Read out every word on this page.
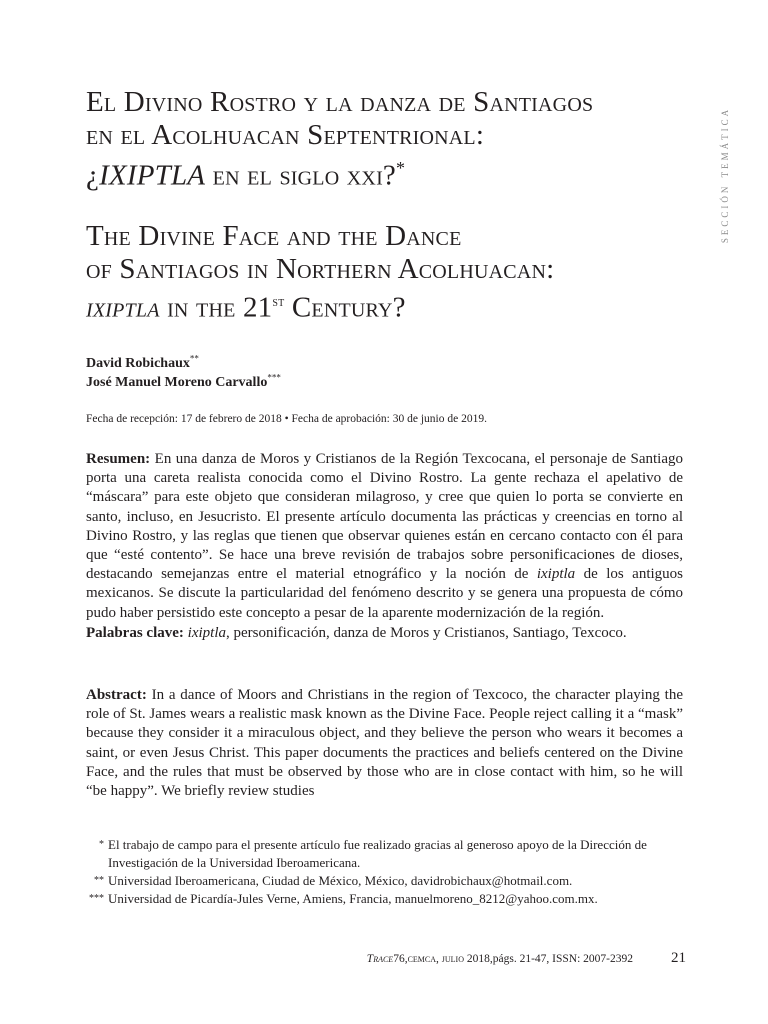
sección temática
El Divino Rostro y la danza de Santiagos
en el Acolhuacan Septentrional:
¿IXIPTLA en el siglo xxi?*
The Divine Face and the Dance
of Santiagos in Northern Acolhuacan:
ixiptla in the 21st Century?
David Robichaux**
José Manuel Moreno Carvallo***
Fecha de recepción: 17 de febrero de 2018 • Fecha de aprobación: 30 de junio de 2019.
Resumen: En una danza de Moros y Cristianos de la Región Texcocana, el personaje de Santiago porta una careta realista conocida como el Divino Rostro. La gente rechaza el apelativo de “máscara” para este objeto que consideran milagroso, y cree que quien lo porta se convierte en santo, incluso, en Jesucristo. El presente artículo documenta las prácticas y creencias en torno al Divino Rostro, y las reglas que tienen que observar quienes están en cercano contacto con él para que “esté contento”. Se hace una breve revisión de trabajos sobre personificaciones de dioses, destacando semejanzas entre el material etnográfico y la noción de ixiptla de los antiguos mexicanos. Se discute la particularidad del fenómeno descrito y se genera una propuesta de cómo pudo haber persistido este concepto a pesar de la aparente modernización de la región.
Palabras clave: ixiptla, personificación, danza de Moros y Cristianos, Santiago, Texcoco.
Abstract: In a dance of Moors and Christians in the region of Texcoco, the character playing the role of St. James wears a realistic mask known as the Divine Face. People reject calling it a “mask” because they consider it a miraculous object, and they believe the person who wears it becomes a saint, or even Jesus Christ. This paper documents the practices and beliefs centered on the Divine Face, and the rules that must be observed by those who are in close contact with him, so he will “be happy”. We briefly review studies
* El trabajo de campo para el presente artículo fue realizado gracias al generoso apoyo de la Dirección de Investigación de la Universidad Iberoamericana.
** Universidad Iberoamericana, Ciudad de México, México, davidrobichaux@hotmail.com.
*** Universidad de Picardía-Jules Verne, Amiens, Francia, manuelmoreno_8212@yahoo.com.mx.
Trace 76, cemca, julio 2018, págs. 21-47, ISSN: 2007-2392	21
